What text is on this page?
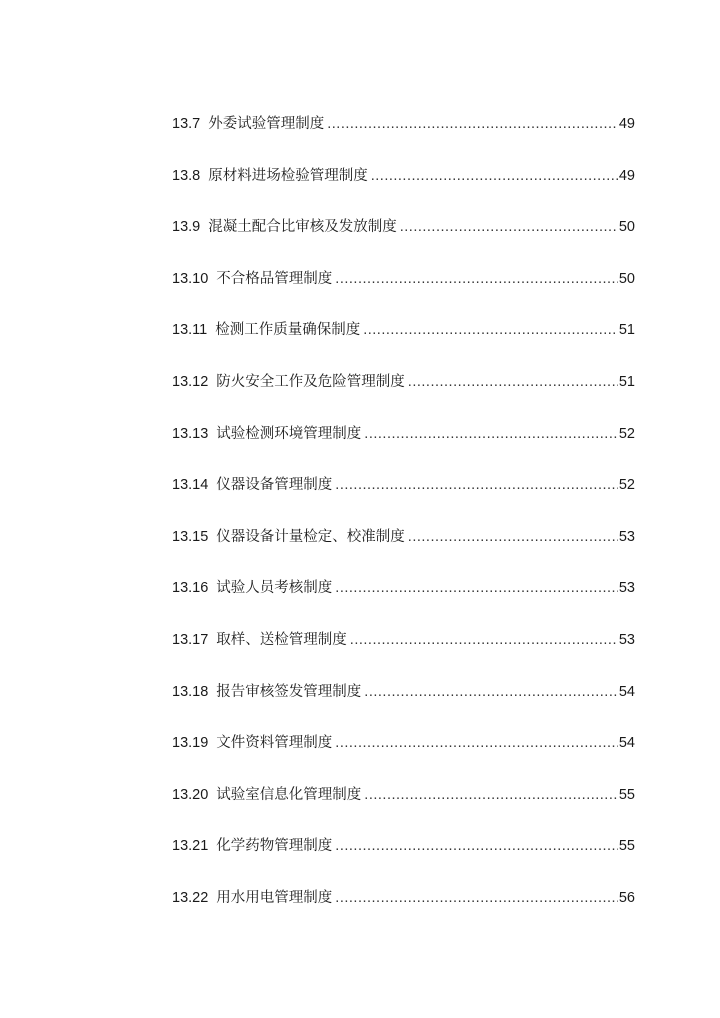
13.7 外委试验管理制度 .....	49
13.8 原材料进场检验管理制度 .....	49
13.9 混凝土配合比审核及发放制度 .....	50
13.10 不合格品管理制度 .....	50
13.11 检测工作质量确保制度 .....	51
13.12 防火安全工作及危险管理制度 .....	51
13.13 试验检测环境管理制度 .....	52
13.14 仪器设备管理制度 .....	52
13.15 仪器设备计量检定、校准制度 .....	53
13.16 试验人员考核制度 .....	53
13.17 取样、送检管理制度 .....	53
13.18 报告审核签发管理制度 .....	54
13.19 文件资料管理制度 .....	54
13.20 试验室信息化管理制度 .....	55
13.21 化学药物管理制度 .....	55
13.22 用水用电管理制度 .....	56
